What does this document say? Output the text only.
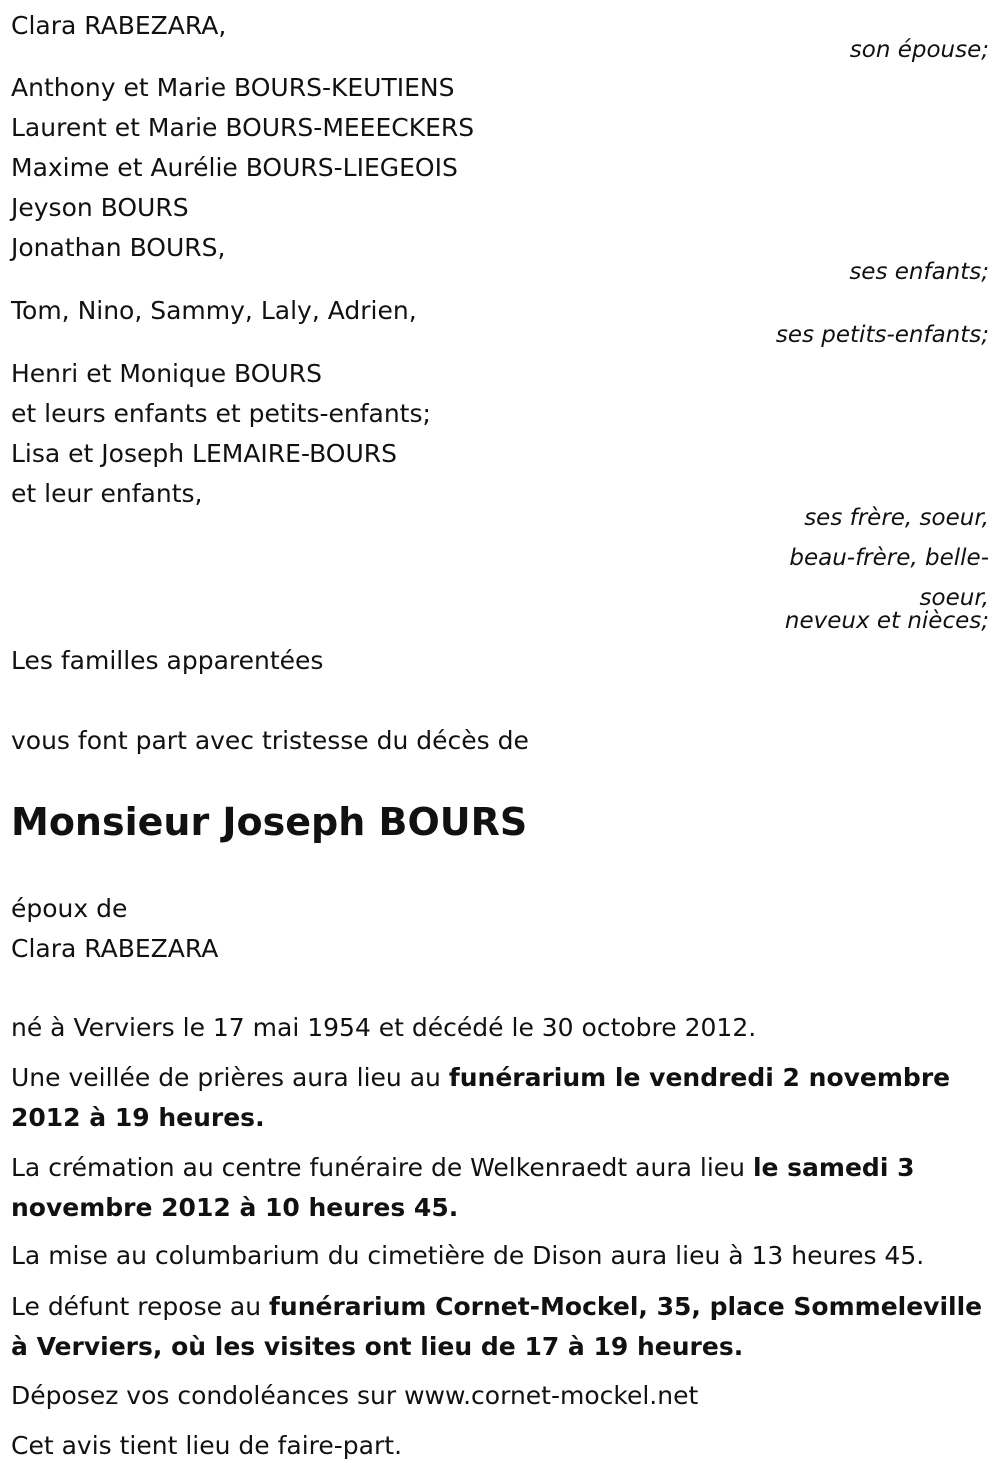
Clara RABEZARA,
son épouse;
Anthony et Marie BOURS-KEUTIENS
Laurent et Marie BOURS-MEEECKERS
Maxime et Aurélie BOURS-LIEGEOIS
Jeyson BOURS
Jonathan BOURS,
ses enfants;
Tom, Nino, Sammy, Laly, Adrien,
ses petits-enfants;
Henri et Monique BOURS
et leurs enfants et petits-enfants;
Lisa et Joseph LEMAIRE-BOURS
et leur enfants,
ses frère, soeur,
beau-frère, belle-
soeur,
neveux et nièces;
Les familles apparentées
vous font part avec tristesse du décès de
Monsieur Joseph BOURS
époux de
Clara RABEZARA
né à Verviers le 17 mai 1954 et décédé le 30 octobre 2012.
Une veillée de prières aura lieu au funérarium le vendredi 2 novembre 2012 à 19 heures.
La crémation au centre funéraire de Welkenraedt aura lieu le samedi 3 novembre 2012 à 10 heures 45.
La mise au columbarium du cimetière de Dison aura lieu à 13 heures 45.
Le défunt repose au funérarium Cornet-Mockel, 35, place Sommeleville à Verviers, où les visites ont lieu de 17 à 19 heures.
Déposez vos condoléances sur www.cornet-mockel.net
Cet avis tient lieu de faire-part.
